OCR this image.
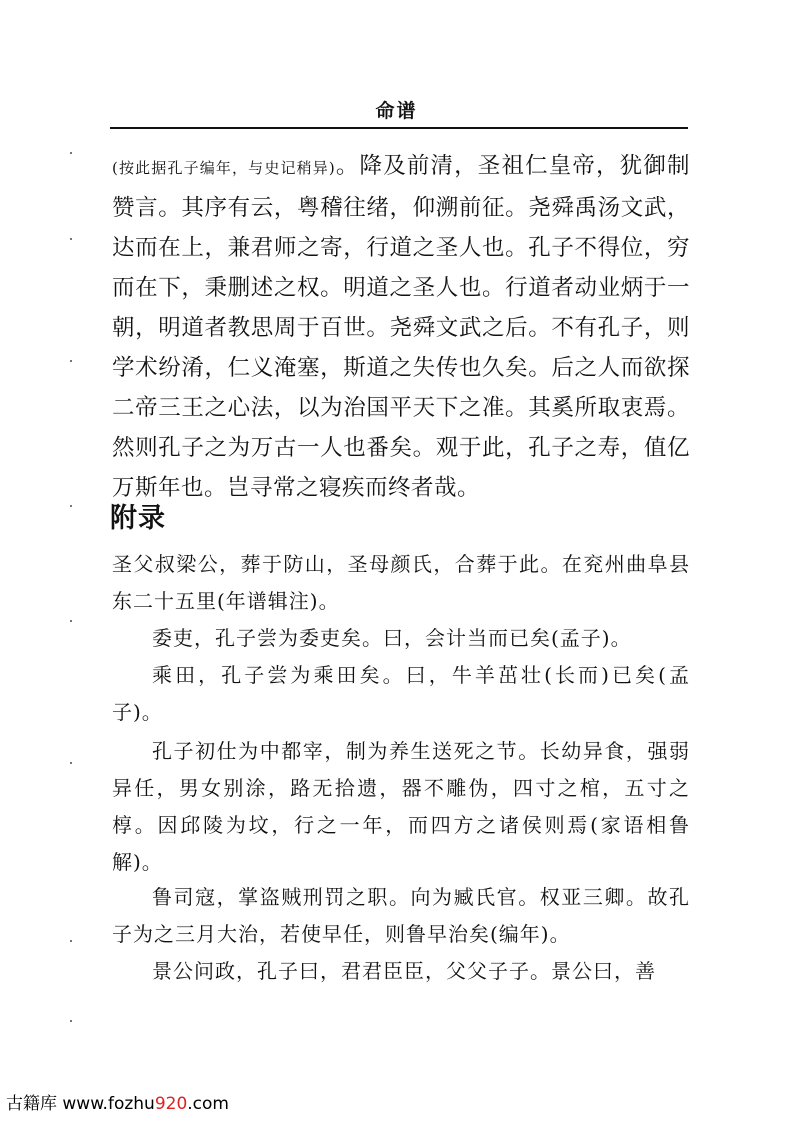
命谱

(按此据孔子编年，与史记稍异)。降及前清，圣祖仁皇帝，犹御制赞言。其序有云，粤稽往绪，仰溯前征。尧舜禹汤文武，达而在上，兼君师之寄，行道之圣人也。孔子不得位，穷而在下，秉删述之权。明道之圣人也。行道者动业炳于一朝，明道者教思周于百世。尧舜文武之后。不有孔子，则学术纷淆，仁义淹塞，斯道之失传也久矣。后之人而欲探二帝三王之心法，以为治国平天下之准。其奚所取衷焉。然则孔子之为万古一人也番矣。观于此，孔子之寿，值亿万斯年也。岂寻常之寝疾而终者哉。

附录

圣父叔梁公，葬于防山，圣母颜氏，合葬于此。在兖州曲阜县东二十五里(年谱辑注)。

委吏，孔子尝为委吏矣。曰，会计当而已矣(孟子)。

乘田，孔子尝为乘田矣。曰，牛羊茁壮(长而)已矣(孟子)。

孔子初仕为中都宰，制为养生送死之节。长幼异食，强弱异任，男女别涂，路无拾遗，器不雕伪，四寸之棺，五寸之椁。因邱陵为坟，行之一年，而四方之诸侯则焉(家语相鲁解)。

鲁司寇，掌盗贼刑罚之职。向为臧氏官。权亚三卿。故孔子为之三月大治，若使早任，则鲁早治矣(编年)。

景公问政，孔子曰，君君臣臣，父父子子。景公曰，善

古籍库 www.fozhu920.com
